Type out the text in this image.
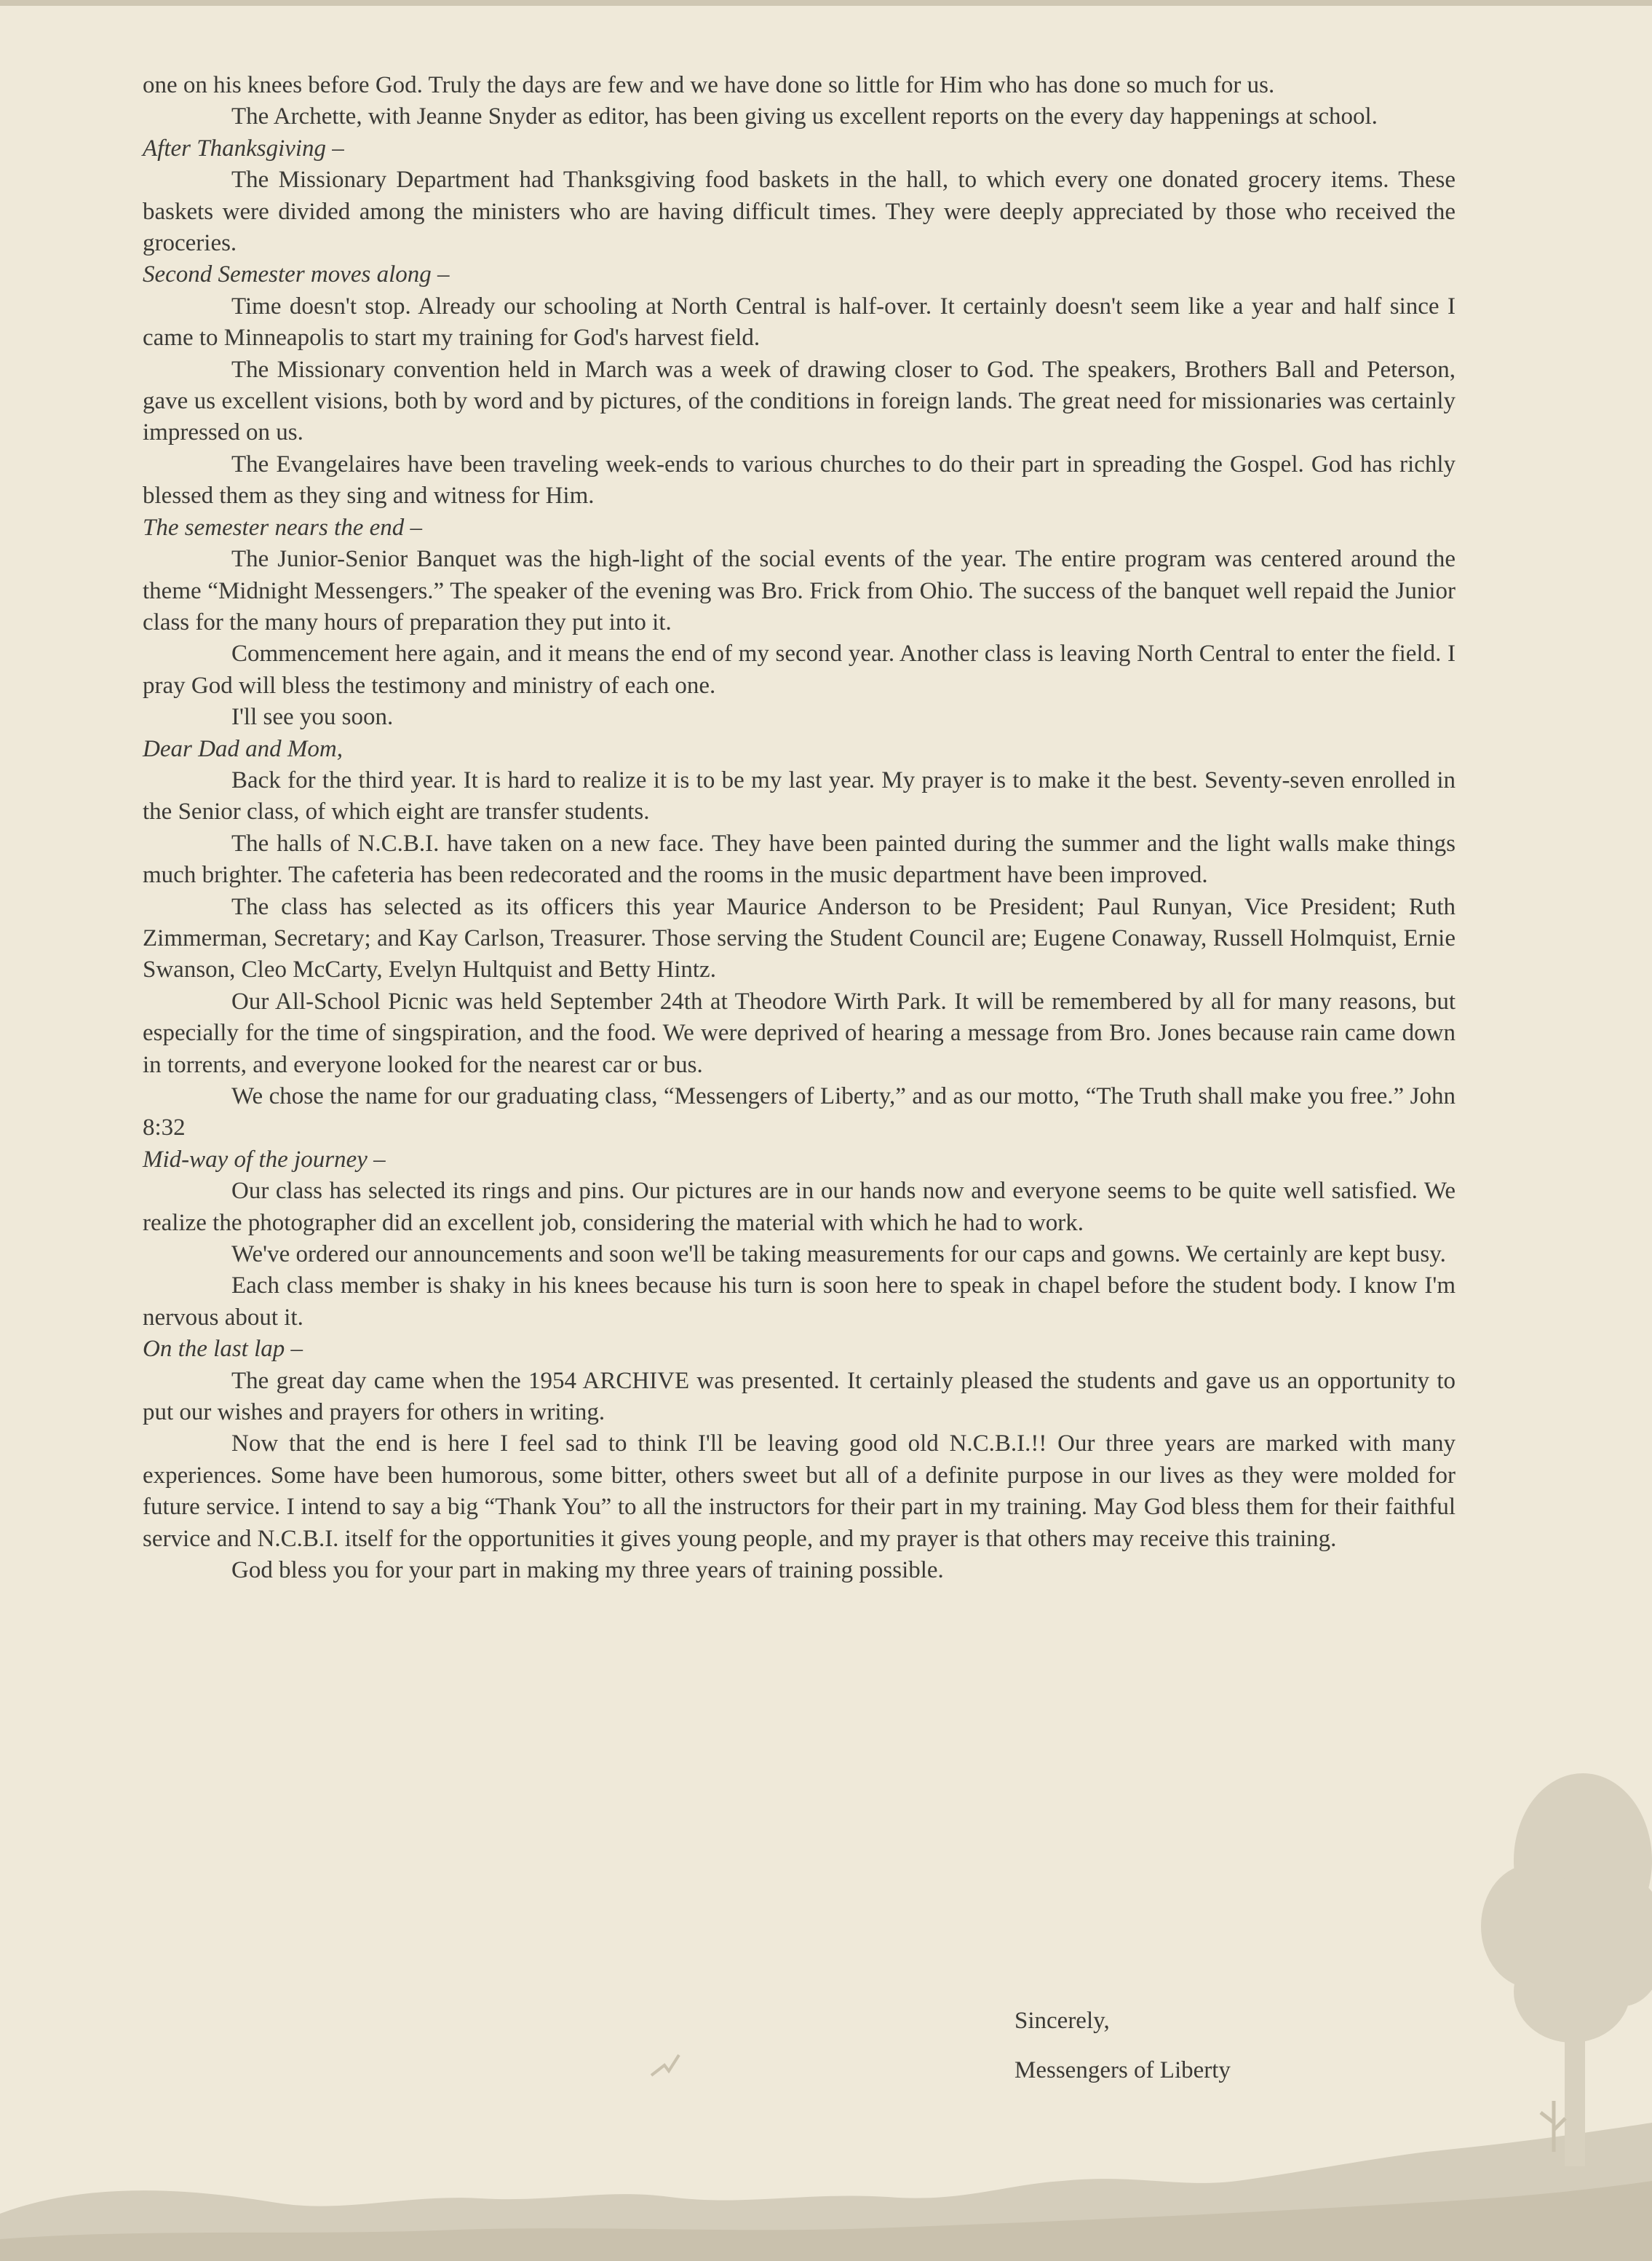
one on his knees before God. Truly the days are few and we have done so little for Him who has done so much for us.

The Archette, with Jeanne Snyder as editor, has been giving us excellent reports on the every day happenings at school.

After Thanksgiving –

The Missionary Department had Thanksgiving food baskets in the hall, to which every one donated grocery items. These baskets were divided among the ministers who are having difficult times. They were deeply appreciated by those who received the groceries.

Second Semester moves along –

Time doesn't stop. Already our schooling at North Central is half-over. It certainly doesn't seem like a year and half since I came to Minneapolis to start my training for God's harvest field.

The Missionary convention held in March was a week of drawing closer to God. The speakers, Brothers Ball and Peterson, gave us excellent visions, both by word and by pictures, of the conditions in foreign lands. The great need for missionaries was certainly impressed on us.

The Evangelaires have been traveling week-ends to various churches to do their part in spreading the Gospel. God has richly blessed them as they sing and witness for Him.

The semester nears the end –

The Junior-Senior Banquet was the high-light of the social events of the year. The entire program was centered around the theme “Midnight Messengers.” The speaker of the evening was Bro. Frick from Ohio. The success of the banquet well repaid the Junior class for the many hours of preparation they put into it.

Commencement here again, and it means the end of my second year. Another class is leaving North Central to enter the field. I pray God will bless the testimony and ministry of each one.

I'll see you soon.

Dear Dad and Mom,

Back for the third year. It is hard to realize it is to be my last year. My prayer is to make it the best. Seventy-seven enrolled in the Senior class, of which eight are transfer students.

The halls of N.C.B.I. have taken on a new face. They have been painted during the summer and the light walls make things much brighter. The cafeteria has been redecorated and the rooms in the music department have been improved.

The class has selected as its officers this year Maurice Anderson to be President; Paul Runyan, Vice President; Ruth Zimmerman, Secretary; and Kay Carlson, Treasurer. Those serving the Student Council are; Eugene Conaway, Russell Holmquist, Ernie Swanson, Cleo McCarty, Evelyn Hultquist and Betty Hintz.

Our All-School Picnic was held September 24th at Theodore Wirth Park. It will be remembered by all for many reasons, but especially for the time of singspiration, and the food. We were deprived of hearing a message from Bro. Jones because rain came down in torrents, and everyone looked for the nearest car or bus.

We chose the name for our graduating class, “Messengers of Liberty,” and as our motto, “The Truth shall make you free.” John 8:32

Mid-way of the journey –

Our class has selected its rings and pins. Our pictures are in our hands now and everyone seems to be quite well satisfied. We realize the photographer did an excellent job, considering the material with which he had to work.

We've ordered our announcements and soon we'll be taking measurements for our caps and gowns. We certainly are kept busy.

Each class member is shaky in his knees because his turn is soon here to speak in chapel before the student body. I know I'm nervous about it.

On the last lap –

The great day came when the 1954 ARCHIVE was presented. It certainly pleased the students and gave us an opportunity to put our wishes and prayers for others in writing.

Now that the end is here I feel sad to think I'll be leaving good old N.C.B.I.!! Our three years are marked with many experiences. Some have been humorous, some bitter, others sweet but all of a definite purpose in our lives as they were molded for future service. I intend to say a big “Thank You” to all the instructors for their part in my training. May God bless them for their faithful service and N.C.B.I. itself for the opportunities it gives young people, and my prayer is that others may receive this training.

God bless you for your part in making my three years of training possible.

Sincerely,
Messengers of Liberty
